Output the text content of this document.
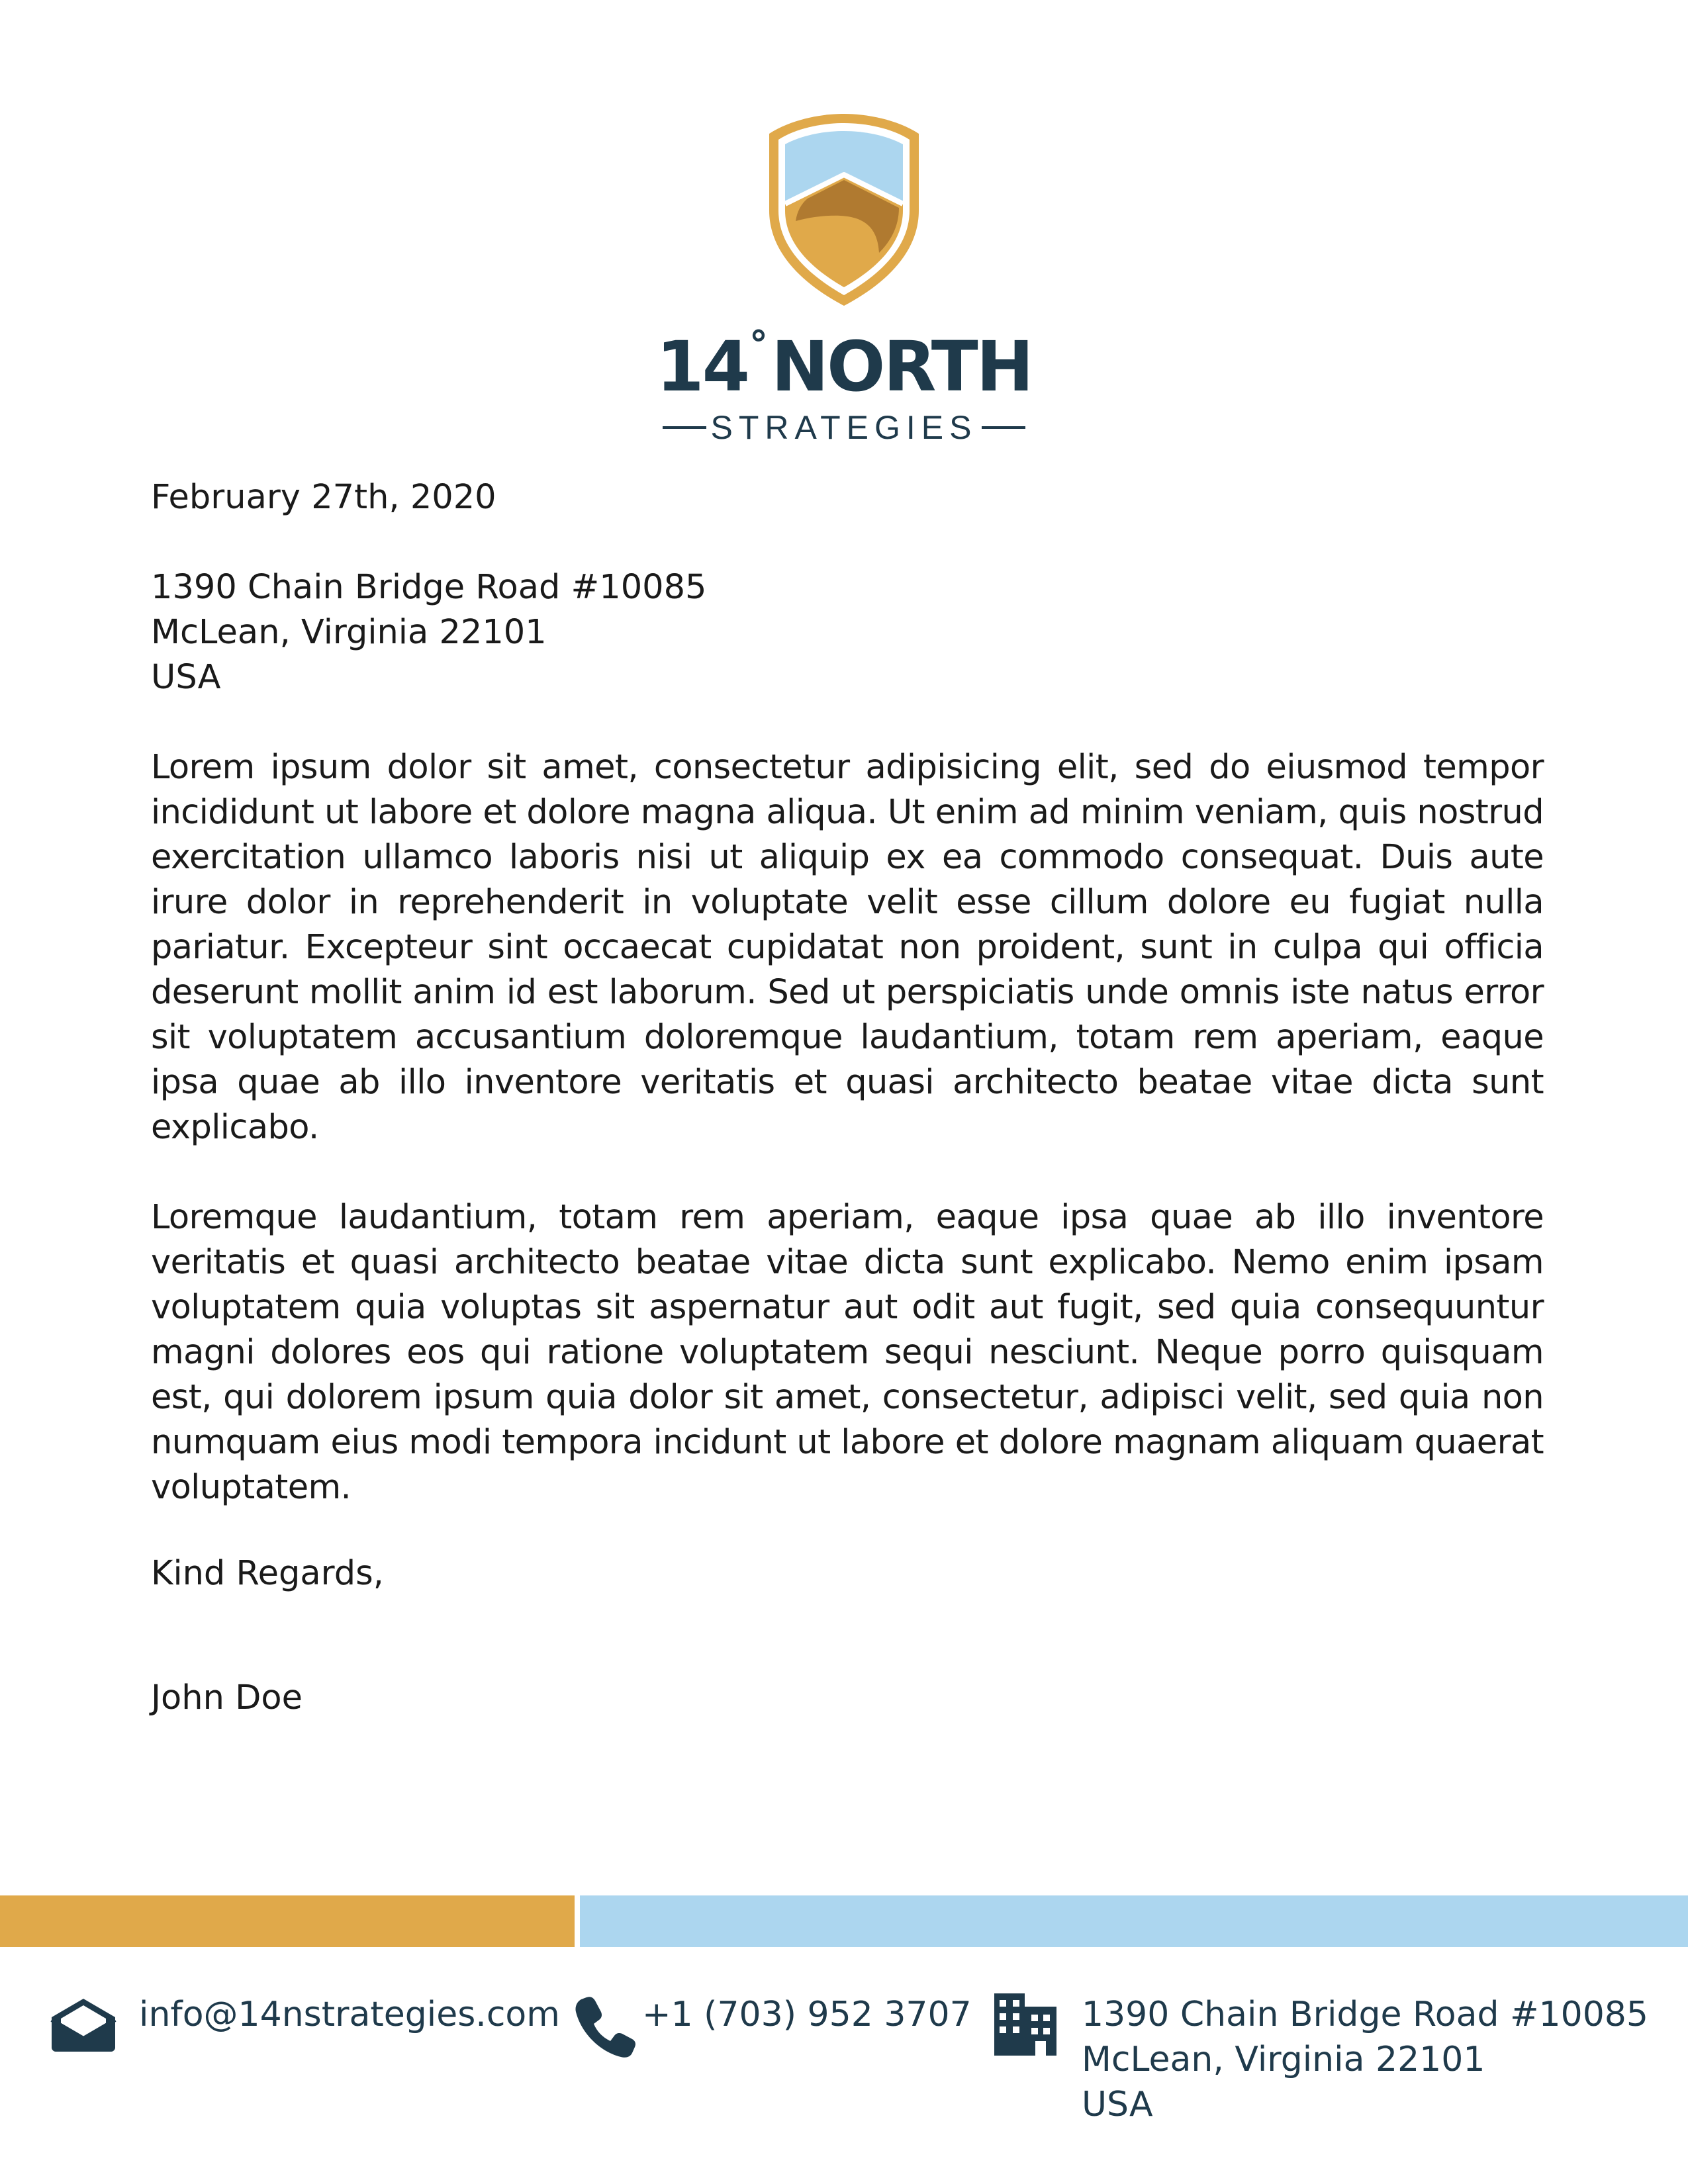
14 ° NORTH
STRATEGIES

February 27th, 2020

1390 Chain Bridge Road #10085
McLean, Virginia 22101
USA

Lorem ipsum dolor sit amet, consectetur adipisicing elit, sed do eiusmod tempor incididunt ut labore et dolore magna aliqua. Ut enim ad minim veniam, quis nostrud exercitation ullamco laboris nisi ut aliquip ex ea commodo consequat. Duis aute irure dolor in reprehenderit in voluptate velit esse cillum dolore eu fugiat nulla pariatur. Excepteur sint occaecat cupidatat non proident, sunt in culpa qui officia deserunt mollit anim id est laborum. Sed ut perspiciatis unde omnis iste natus error sit voluptatem accusantium doloremque laudantium, totam rem aperiam, eaque ipsa quae ab illo inventore veritatis et quasi architecto beatae vitae dicta sunt explicabo.

Loremque laudantium, totam rem aperiam, eaque ipsa quae ab illo inventore veritatis et quasi architecto beatae vitae dicta sunt explicabo. Nemo enim ipsam voluptatem quia voluptas sit aspernatur aut odit aut fugit, sed quia consequuntur magni dolores eos qui ratione voluptatem sequi nesciunt. Neque porro quisquam est, qui dolorem ipsum quia dolor sit amet, consectetur, adipisci velit, sed quia non numquam eius modi tempora incidunt ut labore et dolore magnam aliquam quaerat voluptatem.

Kind Regards,

John Doe

info@14nstrategies.com +1 (703) 952 3707	1390 Chain Bridge Road #10085
McLean, Virginia 22101
USA
